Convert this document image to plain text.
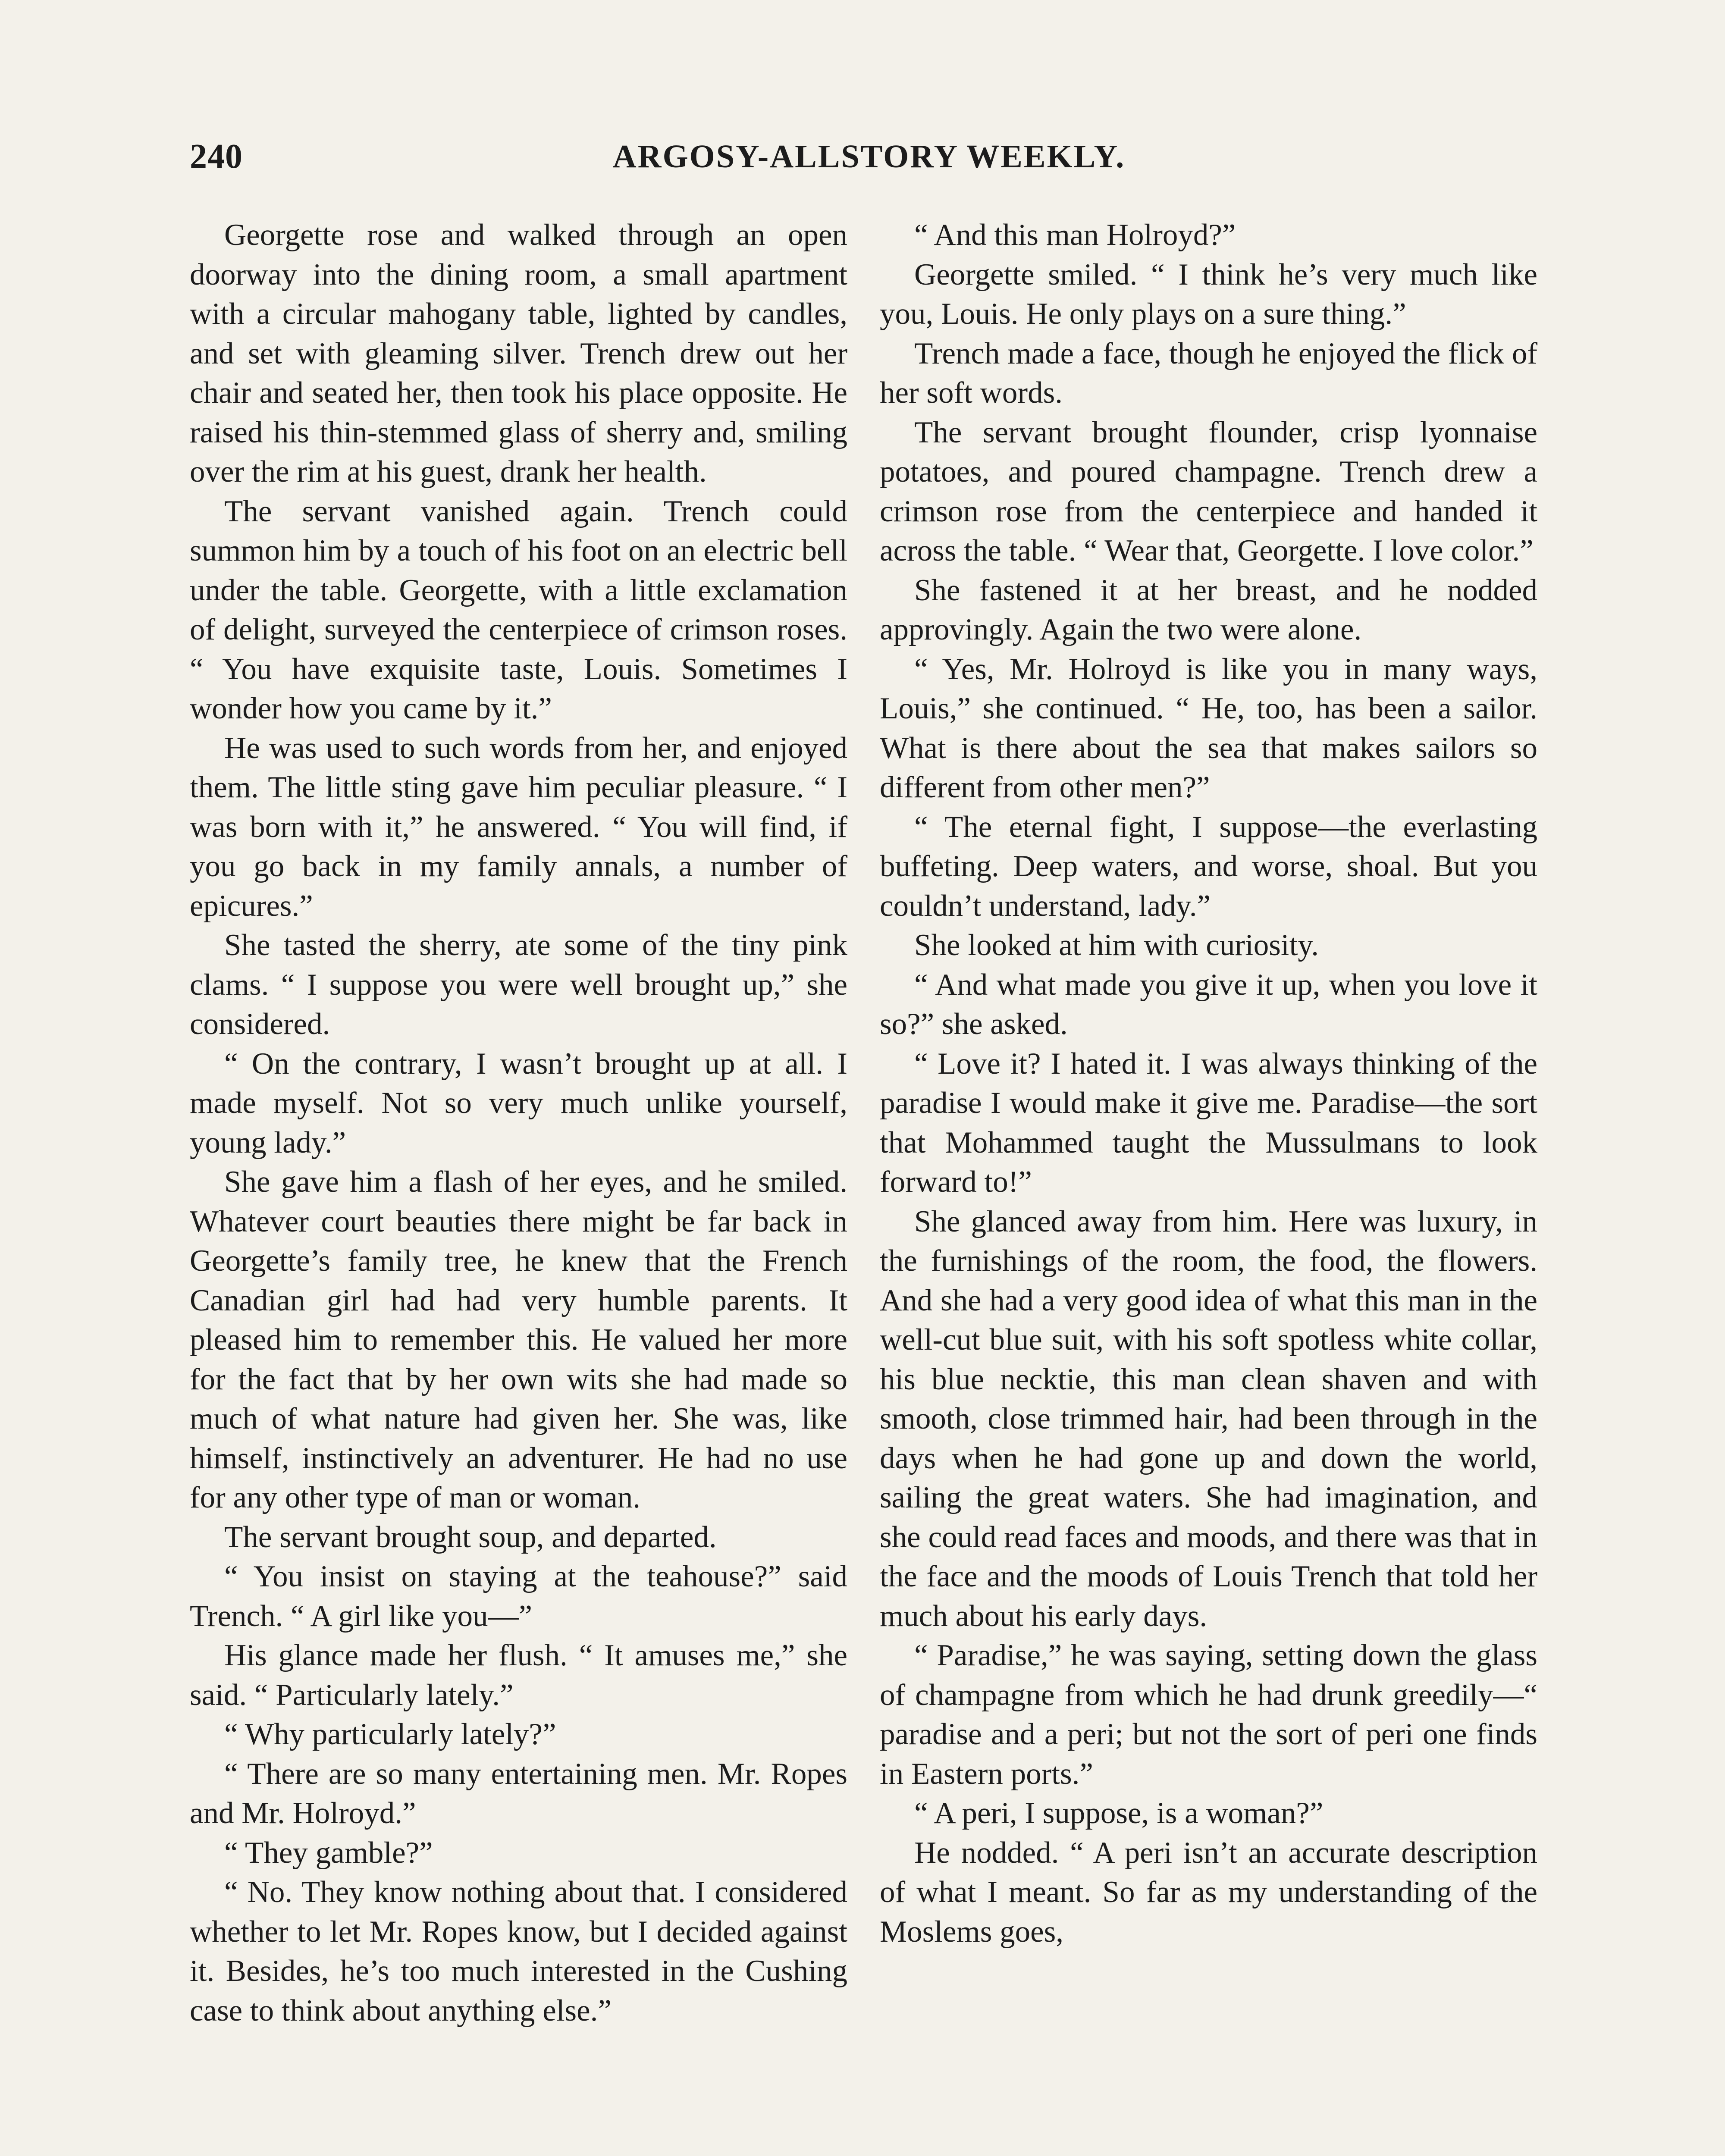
240	ARGOSY-ALLSTORY WEEKLY.

Georgette rose and walked through an open doorway into the dining room, a small apartment with a circular mahogany table, lighted by candles, and set with gleaming silver. Trench drew out her chair and seated her, then took his place opposite. He raised his thin-stemmed glass of sherry and, smiling over the rim at his guest, drank her health.

The servant vanished again. Trench could summon him by a touch of his foot on an electric bell under the table. Georgette, with a little exclamation of delight, surveyed the centerpiece of crimson roses. “ You have exquisite taste, Louis. Sometimes I wonder how you came by it.”

He was used to such words from her, and enjoyed them. The little sting gave him peculiar pleasure. “ I was born with it,” he answered. “ You will find, if you go back in my family annals, a number of epicures.”

She tasted the sherry, ate some of the tiny pink clams. “ I suppose you were well brought up,” she considered.

“ On the contrary, I wasn’t brought up at all. I made myself. Not so very much unlike yourself, young lady.”

She gave him a flash of her eyes, and he smiled. Whatever court beauties there might be far back in Georgette’s family tree, he knew that the French Canadian girl had had very humble parents. It pleased him to remember this. He valued her more for the fact that by her own wits she had made so much of what nature had given her. She was, like himself, instinctively an adventurer. He had no use for any other type of man or woman.

The servant brought soup, and departed.

“ You insist on staying at the teahouse?” said Trench. “ A girl like you—”

His glance made her flush. “ It amuses me,” she said. “ Particularly lately.”

“ Why particularly lately?”

“ There are so many entertaining men. Mr. Ropes and Mr. Holroyd.”

“ They gamble?”

“ No. They know nothing about that. I considered whether to let Mr. Ropes know, but I decided against it. Besides, he’s too much interested in the Cushing case to think about anything else.”

“ And this man Holroyd?”

Georgette smiled. “ I think he’s very much like you, Louis. He only plays on a sure thing.”

Trench made a face, though he enjoyed the flick of her soft words.

The servant brought flounder, crisp lyonnaise potatoes, and poured champagne. Trench drew a crimson rose from the centerpiece and handed it across the table. “ Wear that, Georgette. I love color.”

She fastened it at her breast, and he nodded approvingly. Again the two were alone.

“ Yes, Mr. Holroyd is like you in many ways, Louis,” she continued. “ He, too, has been a sailor. What is there about the sea that makes sailors so different from other men?”

“ The eternal fight, I suppose—the everlasting buffeting. Deep waters, and worse, shoal. But you couldn’t understand, lady.”

She looked at him with curiosity.

“ And what made you give it up, when you love it so?” she asked.

“ Love it? I hated it. I was always thinking of the paradise I would make it give me. Paradise—the sort that Mohammed taught the Mussulmans to look forward to!”

She glanced away from him. Here was luxury, in the furnishings of the room, the food, the flowers. And she had a very good idea of what this man in the well-cut blue suit, with his soft spotless white collar, his blue necktie, this man clean shaven and with smooth, close trimmed hair, had been through in the days when he had gone up and down the world, sailing the great waters. She had imagination, and she could read faces and moods, and there was that in the face and the moods of Louis Trench that told her much about his early days.

“ Paradise,” he was saying, setting down the glass of champagne from which he had drunk greedily—“ paradise and a peri; but not the sort of peri one finds in Eastern ports.”

“ A peri, I suppose, is a woman?”

He nodded. “ A peri isn’t an accurate description of what I meant. So far as my understanding of the Moslems goes,
